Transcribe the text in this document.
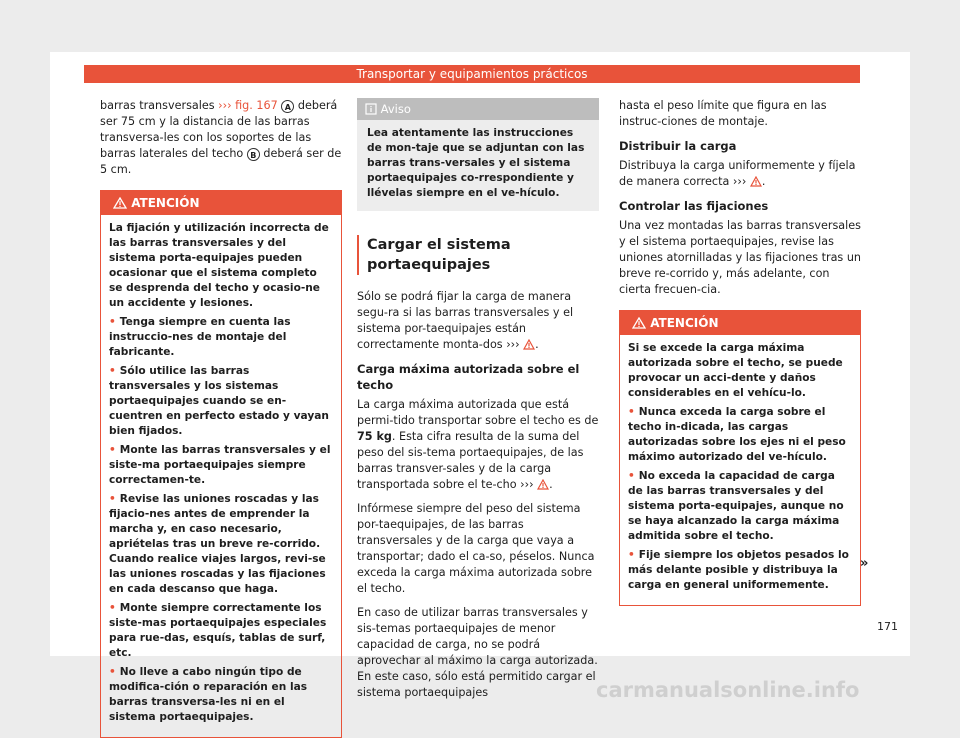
Transportar y equipamientos prácticos

barras transversales ››› fig. 167 A deberá ser 75 cm y la distancia de las barras transversa-les con los soportes de las barras laterales del techo B deberá ser de 5 cm.

ATENCIÓN

La fijación y utilización incorrecta de las barras transversales y del sistema porta-equipajes pueden ocasionar que el sistema completo se desprenda del techo y ocasio-ne un accidente y lesiones.

• Tenga siempre en cuenta las instruccio-nes de montaje del fabricante.

• Sólo utilice las barras transversales y los sistemas portaequipajes cuando se en-cuentren en perfecto estado y vayan bien fijados.

• Monte las barras transversales y el siste-ma portaequipajes siempre correctamen-te.

• Revise las uniones roscadas y las fijacio-nes antes de emprender la marcha y, en caso necesario, apriételas tras un breve re-corrido. Cuando realice viajes largos, revi-se las uniones roscadas y las fijaciones en cada descanso que haga.

• Monte siempre correctamente los siste-mas portaequipajes especiales para rue-das, esquís, tablas de surf, etc.

• No lleve a cabo ningún tipo de modifica-ción o reparación en las barras transversa-les ni en el sistema portaequipajes.

Aviso
Lea atentamente las instrucciones de mon-taje que se adjuntan con las barras trans-versales y el sistema portaequipajes co-rrespondiente y llévelas siempre en el ve-hículo.
Cargar el sistema portaequipajes

Sólo se podrá fijar la carga de manera segu-ra si las barras transversales y el sistema por-taequipajes están correctamente monta-dos ››› .

Carga máxima autorizada sobre el techo

La carga máxima autorizada que está permi-tido transportar sobre el techo es de 75 kg. Esta cifra resulta de la suma del peso del sis-tema portaequipajes, de las barras transver-sales y de la carga transportada sobre el te-cho ››› .

Infórmese siempre del peso del sistema por-taequipajes, de las barras transversales y de la carga que vaya a transportar; dado el ca-so, péselos. Nunca exceda la carga máxima autorizada sobre el techo.

En caso de utilizar barras transversales y sis-temas portaequipajes de menor capacidad de carga, no se podrá aprovechar al máximo la carga autorizada. En este caso, sólo está permitido cargar el sistema portaequipajes

hasta el peso límite que figura en las instruc-ciones de montaje.

Distribuir la carga

Distribuya la carga uniformemente y fíjela de manera correcta ››› .

Controlar las fijaciones

Una vez montadas las barras transversales y el sistema portaequipajes, revise las uniones atornilladas y las fijaciones tras un breve re-corrido y, más adelante, con cierta frecuen-cia.

ATENCIÓN

Si se excede la carga máxima autorizada sobre el techo, se puede provocar un acci-dente y daños considerables en el vehícu-lo.

• Nunca exceda la carga sobre el techo in-dicada, las cargas autorizadas sobre los ejes ni el peso máximo autorizado del ve-hículo.

• No exceda la capacidad de carga de las barras transversales y del sistema porta-equipajes, aunque no se haya alcanzado la carga máxima admitida sobre el techo.

• Fije siempre los objetos pesados lo más delante posible y distribuya la carga en general uniformemente.

»
171
carmanualsonline.info
